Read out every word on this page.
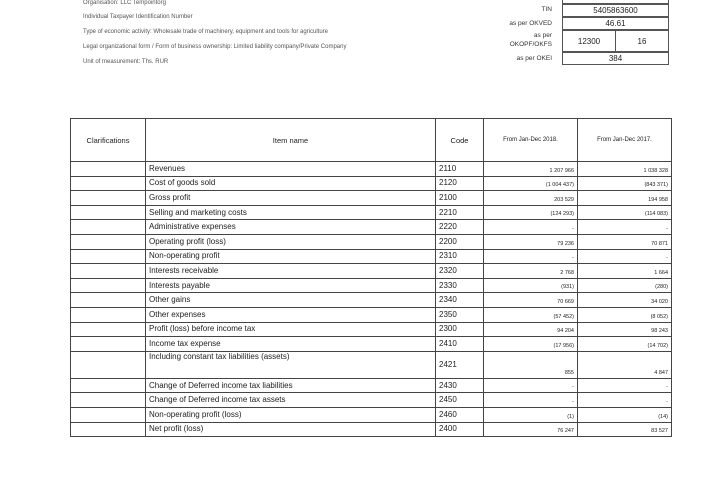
Organisation: LLC Tempointorg
Individual Taxpayer Identification Number
Type of economic activity: Wholesale trade of machinery, equipment and tools for agriculture
Legal organizational form / Form of business ownership: Limited liability company/Private Company
Unit of measurement: Ths. RUR
TIN	5405863600
as per OKVED	46.61
as per
OKOPF/OKFS	12300	16
as per OKEI	384
Clarifications	Item name	Code	From Jan-Dec 2018.	From Jan-Dec 2017.
	Revenues	2110	1 207 966	1 038 328
	Cost of goods sold	2120	(1 004 437)	(843 371)
	Gross profit	2100	203 529	194 958
	Selling and marketing costs	2210	(124 293)	(114 083)
	Administrative expenses	2220	-	-
	Operating profit (loss)	2200	79 236	70 871
	Non-operating profit	2310	-	-
	Interests receivable	2320	2 768	1 664
	Interests payable	2330	(931)	(280)
	Other gains	2340	70 669	34 020
	Other expenses	2350	(57 452)	(8 052)
	Profit (loss) before income tax	2300	94 204	98 243
	Income tax expense	2410	(17 956)	(14 702)
	Including constant tax liabilities (assets)	2421	855	4 847
	Change of Deferred income tax liabilities	2430	-	-
	Change of Deferred income tax assets	2450	-	-
	Non-operating profit (loss)	2460	(1)	(14)
	Net profit (loss)	2400	76 247	83 527
